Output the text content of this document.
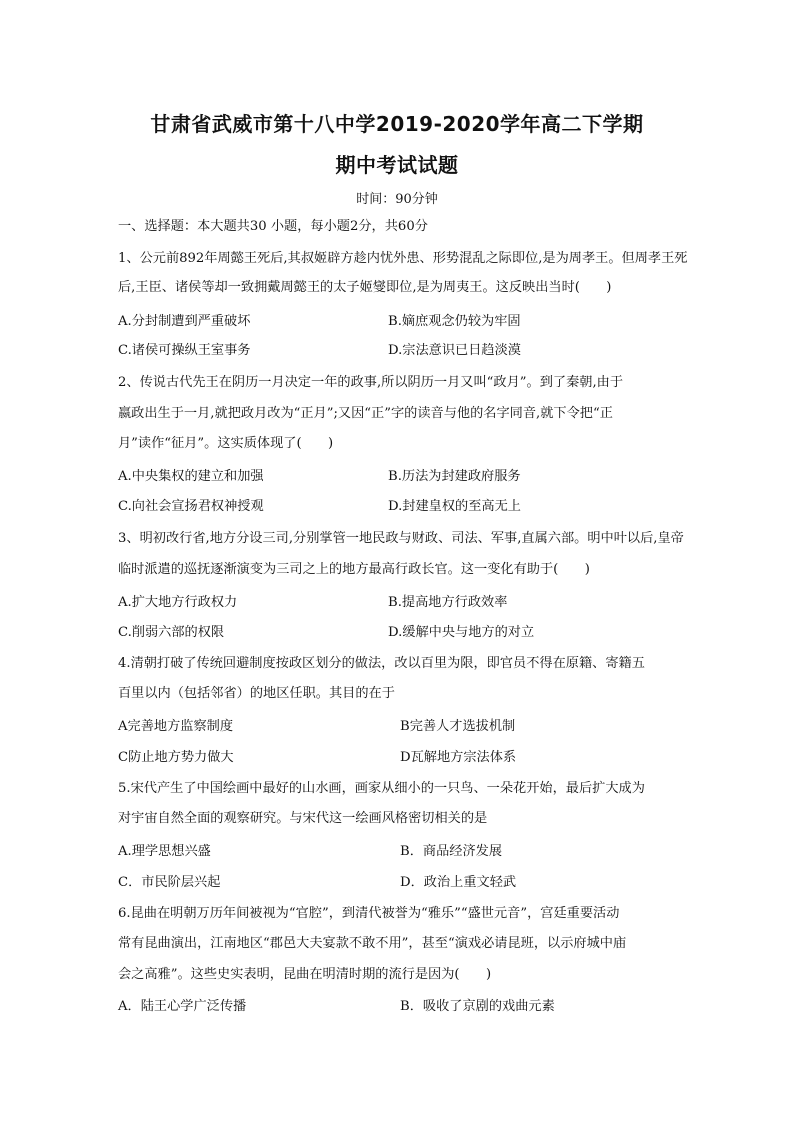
甘肃省武威市第十八中学2019-2020学年高二下学期
期中考试试题
时间：90分钟
一、选择题：本大题共30 小题，每小题2分，共60分
1、公元前892年周懿王死后,其叔姬辟方趁内忧外患、形势混乱之际即位,是为周孝王。但周孝王死
后,王臣、诸侯等却一致拥戴周懿王的太子姬燮即位,是为周夷王。这反映出当时(　　)
A.分封制遭到严重破坏	B.嫡庶观念仍较为牢固
C.诸侯可操纵王室事务	D.宗法意识已日趋淡漠
2、传说古代先王在阴历一月决定一年的政事,所以阴历一月又叫“政月”。到了秦朝,由于
嬴政出生于一月,就把政月改为“正月”;又因“正”字的读音与他的名字同音,就下令把“正
月”读作“征月”。这实质体现了(　　)
A.中央集权的建立和加强	B.历法为封建政府服务
C.向社会宣扬君权神授观	D.封建皇权的至高无上
3、明初改行省,地方分设三司,分别掌管一地民政与财政、司法、军事,直属六部。明中叶以后,皇帝
临时派遣的巡抚逐渐演变为三司之上的地方最高行政长官。这一变化有助于(　　)
A.扩大地方行政权力	B.提高地方行政效率
C.削弱六部的权限	D.缓解中央与地方的对立
4.清朝打破了传统回避制度按政区划分的做法，改以百里为限，即官员不得在原籍、寄籍五
百里以内（包括邻省）的地区任职。其目的在于
A完善地方监察制度	B完善人才选拔机制
C防止地方势力做大	D瓦解地方宗法体系
5.宋代产生了中国绘画中最好的山水画，画家从细小的一只鸟、一朵花开始，最后扩大成为
对宇宙自然全面的观察研究。与宋代这一绘画风格密切相关的是
A.理学思想兴盛	B．商品经济发展
C．市民阶层兴起	D．政治上重文轻武
6.昆曲在明朝万历年间被视为“官腔”，到清代被誉为“雅乐”“盛世元音”，宫廷重要活动
常有昆曲演出，江南地区“郡邑大夫宴款不敢不用”，甚至“演戏必请昆班，以示府城中庙
会之高雅”。这些史实表明，昆曲在明清时期的流行是因为(　　)
A．陆王心学广泛传播	B．吸收了京剧的戏曲元素
